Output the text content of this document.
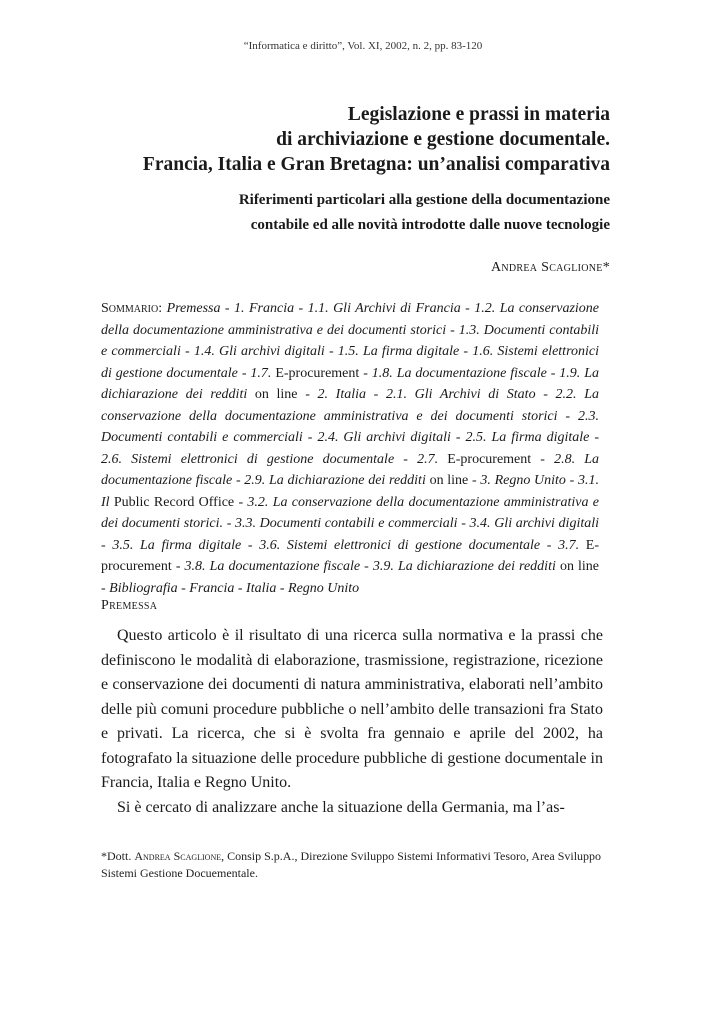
“Informatica e diritto”, Vol. XI, 2002, n. 2, pp. 83-120
Legislazione e prassi in materia
di archiviazione e gestione documentale.
Francia, Italia e Gran Bretagna: un’analisi comparativa
Riferimenti particolari alla gestione della documentazione
contabile ed alle novità introdotte dalle nuove tecnologie
Andrea Scaglione*
Sommario: Premessa - 1. Francia - 1.1. Gli Archivi di Francia - 1.2. La conservazione della documentazione amministrativa e dei documenti storici - 1.3. Documenti contabili e commerciali - 1.4. Gli archivi digitali - 1.5. La firma digitale - 1.6. Sistemi elettronici di gestione documentale - 1.7. E-procurement - 1.8. La documentazione fiscale - 1.9. La dichiarazione dei redditi on line - 2. Italia - 2.1. Gli Archivi di Stato - 2.2. La conservazione della documentazione amministrativa e dei documenti storici - 2.3. Documenti contabili e commerciali - 2.4. Gli archivi digitali - 2.5. La firma digitale - 2.6. Sistemi elettronici di gestione documentale - 2.7. E-procurement - 2.8. La documentazione fiscale - 2.9. La dichiarazione dei redditi on line - 3. Regno Unito - 3.1. Il Public Record Office - 3.2. La conservazione della documentazione amministrativa e dei documenti storici. - 3.3. Documenti contabili e commerciali - 3.4. Gli archivi digitali - 3.5. La firma digitale - 3.6. Sistemi elettronici di gestione documentale - 3.7. E-procurement - 3.8. La documentazione fiscale - 3.9. La dichiarazione dei redditi on line - Bibliografia - Francia - Italia - Regno Unito
Premessa

Questo articolo è il risultato di una ricerca sulla normativa e la prassi che definiscono le modalità di elaborazione, trasmissione, registrazione, ricezione e conservazione dei documenti di natura amministrativa, elaborati nell’ambito delle più comuni procedure pubbliche o nell’ambito delle transazioni fra Stato e privati. La ricerca, che si è svolta fra gennaio e aprile del 2002, ha fotografato la situazione delle procedure pubbliche di gestione documentale in Francia, Italia e Regno Unito.

Si è cercato di analizzare anche la situazione della Germania, ma l’as-

*Dott. Andrea Scaglione, Consip S.p.A., Direzione Sviluppo Sistemi Informativi Tesoro, Area Sviluppo Sistemi Gestione Docuementale.
